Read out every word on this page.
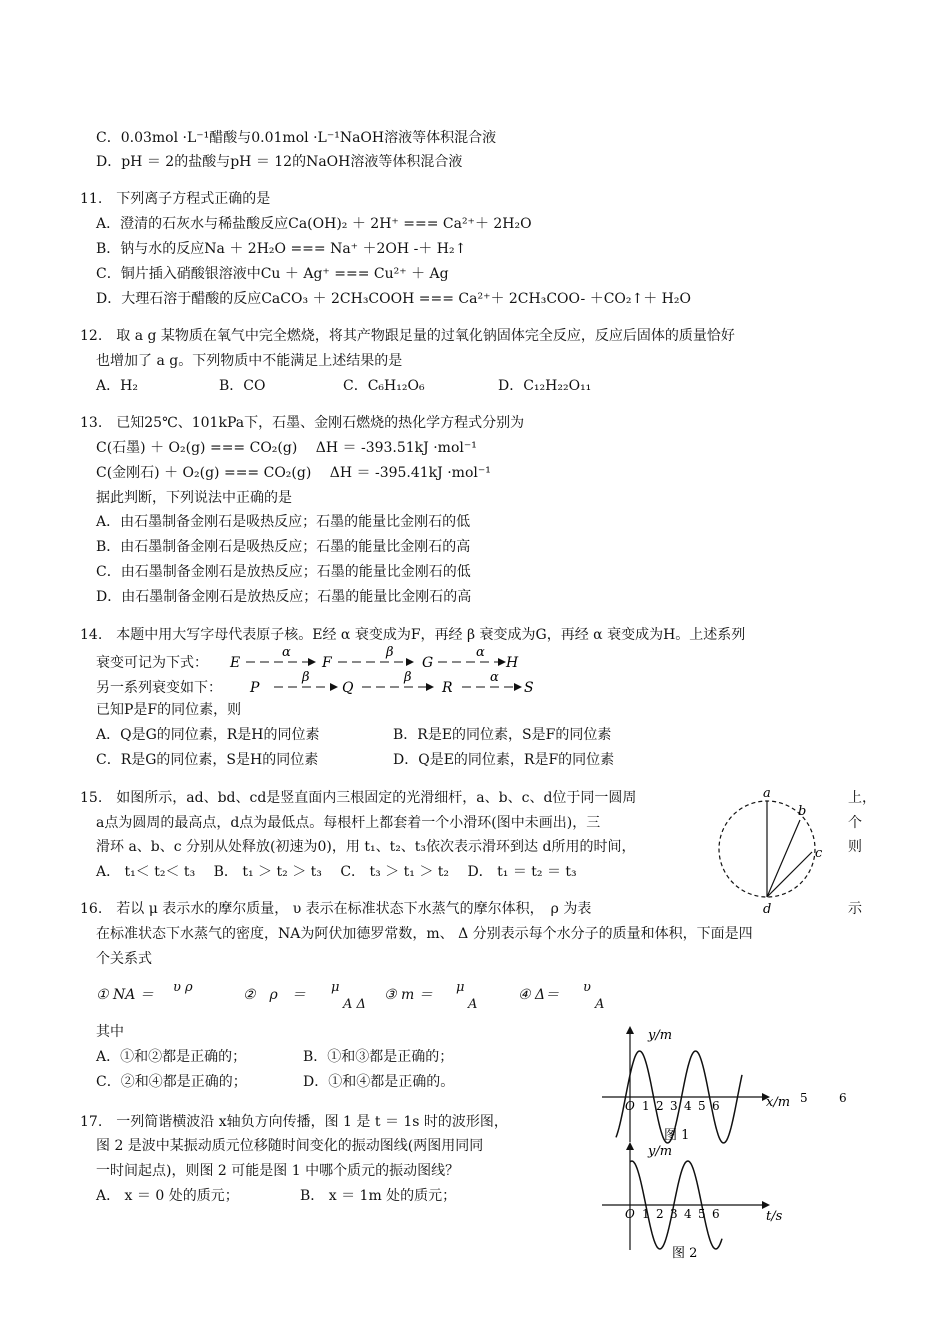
C．0.03mol ·L⁻¹醋酸与0.01mol ·L⁻¹NaOH溶液等体积混合液
D．pH ＝ 2的盐酸与pH ＝ 12的NaOH溶液等体积混合液
11.　下列离子方程式正确的是
A．澄清的石灰水与稀盐酸反应Ca(OH)₂ ＋ 2H⁺ === Ca²⁺＋ 2H₂O
B．钠与水的反应Na ＋ 2H₂O === Na⁺ ＋2OH -＋ H₂↑
C．铜片插入硝酸银溶液中Cu ＋ Ag⁺ === Cu²⁺ ＋ Ag
D．大理石溶于醋酸的反应CaCO₃ ＋ 2CH₃COOH === Ca²⁺＋ 2CH₃COO- ＋CO₂↑＋ H₂O
12.　取 a g 某物质在氧气中完全燃烧，将其产物跟足量的过氧化钠固体完全反应，反应后固体的质量恰好
也增加了 a g。下列物质中不能满足上述结果的是
A．H₂	B．CO	C．C₆H₁₂O₆	D．C₁₂H₂₂O₁₁
13.　已知25℃、101kPa下，石墨、金刚石燃烧的热化学方程式分别为
C(石墨) ＋ O₂(g) === CO₂(g)　 ΔH ＝ -393.51kJ ·mol⁻¹
C(金刚石) ＋ O₂(g) === CO₂(g)　 ΔH ＝ -395.41kJ ·mol⁻¹
据此判断，下列说法中正确的是
A．由石墨制备金刚石是吸热反应；石墨的能量比金刚石的低
B．由石墨制备金刚石是吸热反应；石墨的能量比金刚石的高
C．由石墨制备金刚石是放热反应；石墨的能量比金刚石的低
D．由石墨制备金刚石是放热反应；石墨的能量比金刚石的高
14.　本题中用大写字母代表原子核。E经 α 衰变成为F，再经 β 衰变成为G，再经 α 衰变成为H。上述系列
衰变可记为下式： E
α
F
β
G
α
H
另一系列衰变如下： P
β
Q
β
R
α
S
已知P是F的同位素，则
A．Q是G的同位素，R是H的同位素	B．R是E的同位素，S是F的同位素
C．R是G的同位素，S是H的同位素	D．Q是E的同位素，R是F的同位素
15.　如图所示，ad、bd、cd是竖直面内三根固定的光滑细杆，a、b、c、d位于同一圆周	上，
a点为圆周的最高点，d点为最低点。每根杆上都套着一个小滑环(图中未画出)，三	个
滑环 a、b、c 分别从处释放(初速为0)，用 t₁、t₂、t₃依次表示滑环到达 d所用的时间，	则
A． t₁＜ t₂＜ t₃　 B． t₁ ＞ t₂ ＞ t₃　 C． t₃ ＞ t₁ ＞ t₂　 D． t₁ ＝ t₂ ＝ t₃
a
b
c
d
16.　若以 μ 表示水的摩尔质量， υ 表示在标准状态下水蒸气的摩尔体积，　ρ 为表	示
在标准状态下水蒸气的密度，NA为阿伏加德罗常数，m、 Δ 分别表示每个水分子的质量和体积，下面是四
个关系式
① NA ＝ υ ρ	②　ρ　＝ μ
A Δ
③ m ＝ μ
A
④ Δ＝ υ
A
其中
A．①和②都是正确的；	B．①和③都是正确的；
C．②和④都是正确的；	D．①和④都是正确的。
17.　一列简谐横波沿 x轴负方向传播，图 1 是 t ＝ 1s 时的波形图，
图 2 是波中某振动质元位移随时间变化的振动图线(两图用同同
一时间起点)，则图 2 可能是图 1 中哪个质元的振动图线？
A． x ＝ 0 处的质元；	B． x ＝ 1m 处的质元；
y/m
x/m
O 1 2 3 4 5 6
5	6
图 1
y/m
t/s
O 1 2 3 4 5 6
图 2
